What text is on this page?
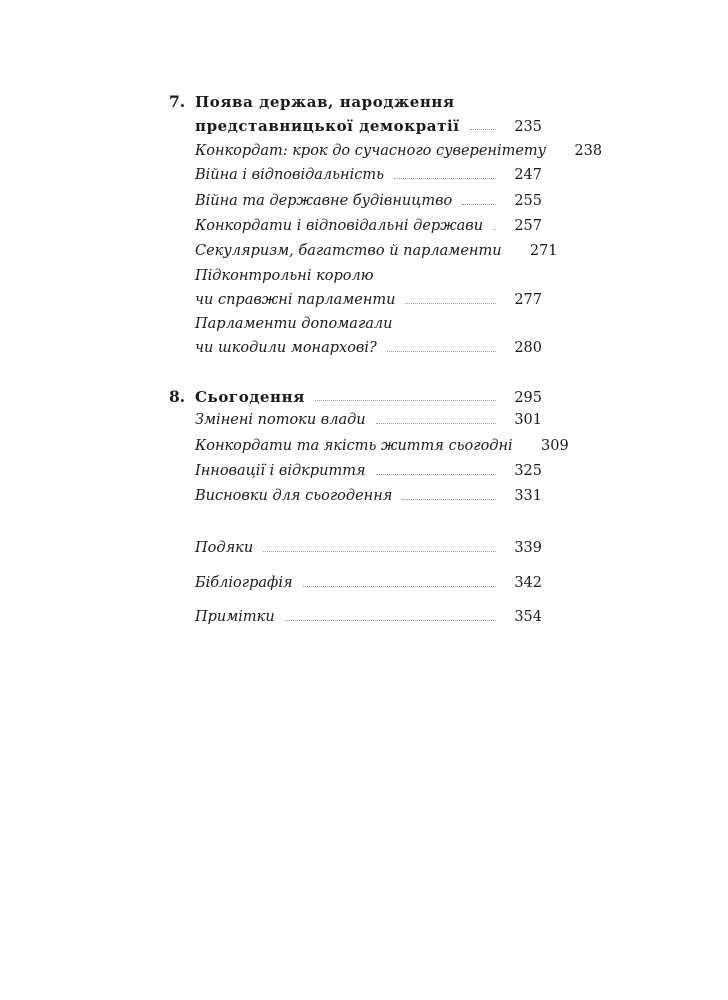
7. Поява держав, народження
представницької демократії	235
Конкордат: крок до сучасного суверенітету	238
Війна і відповідальність	247
Війна та державне будівництво	255
Конкордати і відповідальні держави	257
Секуляризм, багатство й парламенти	271
Підконтрольні королю
чи справжні парламенти	277
Парламенти допомагали
чи шкодили монархові?	280
8. Сьогодення	295
Змінені потоки влади	301
Конкордати та якість життя сьогодні	309
Інновації і відкриття	325
Висновки для сьогодення	331
Подяки	339
Бібліографія	342
Примітки	354
